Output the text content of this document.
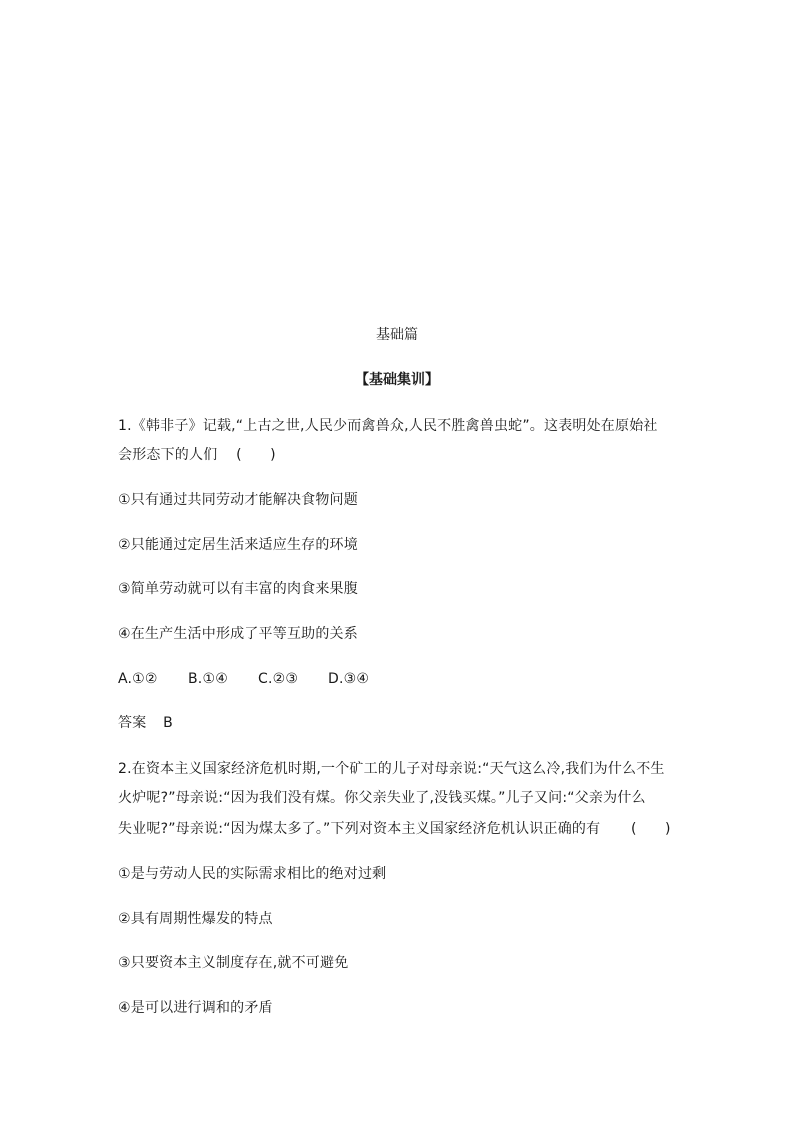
基础篇
【基础集训】
1.《韩非子》记载,“上古之世,人民少而禽兽众,人民不胜禽兽虫蛇”。这表明处在原始社
会形态下的人们 (　　)
①只有通过共同劳动才能解决食物问题
②只能通过定居生活来适应生存的环境
③简单劳动就可以有丰富的肉食来果腹
④在生产生活中形成了平等互助的关系
A.①② B.①④ C.②③ D.③④
答案 B
2.在资本主义国家经济危机时期,一个矿工的儿子对母亲说:“天气这么冷,我们为什么不生
火炉呢?”母亲说:“因为我们没有煤。你父亲失业了,没钱买煤。”儿子又问:“父亲为什么
失业呢?”母亲说:“因为煤太多了。”下列对资本主义国家经济危机认识正确的有 (　　)
①是与劳动人民的实际需求相比的绝对过剩
②具有周期性爆发的特点
③只要资本主义制度存在,就不可避免
④是可以进行调和的矛盾
